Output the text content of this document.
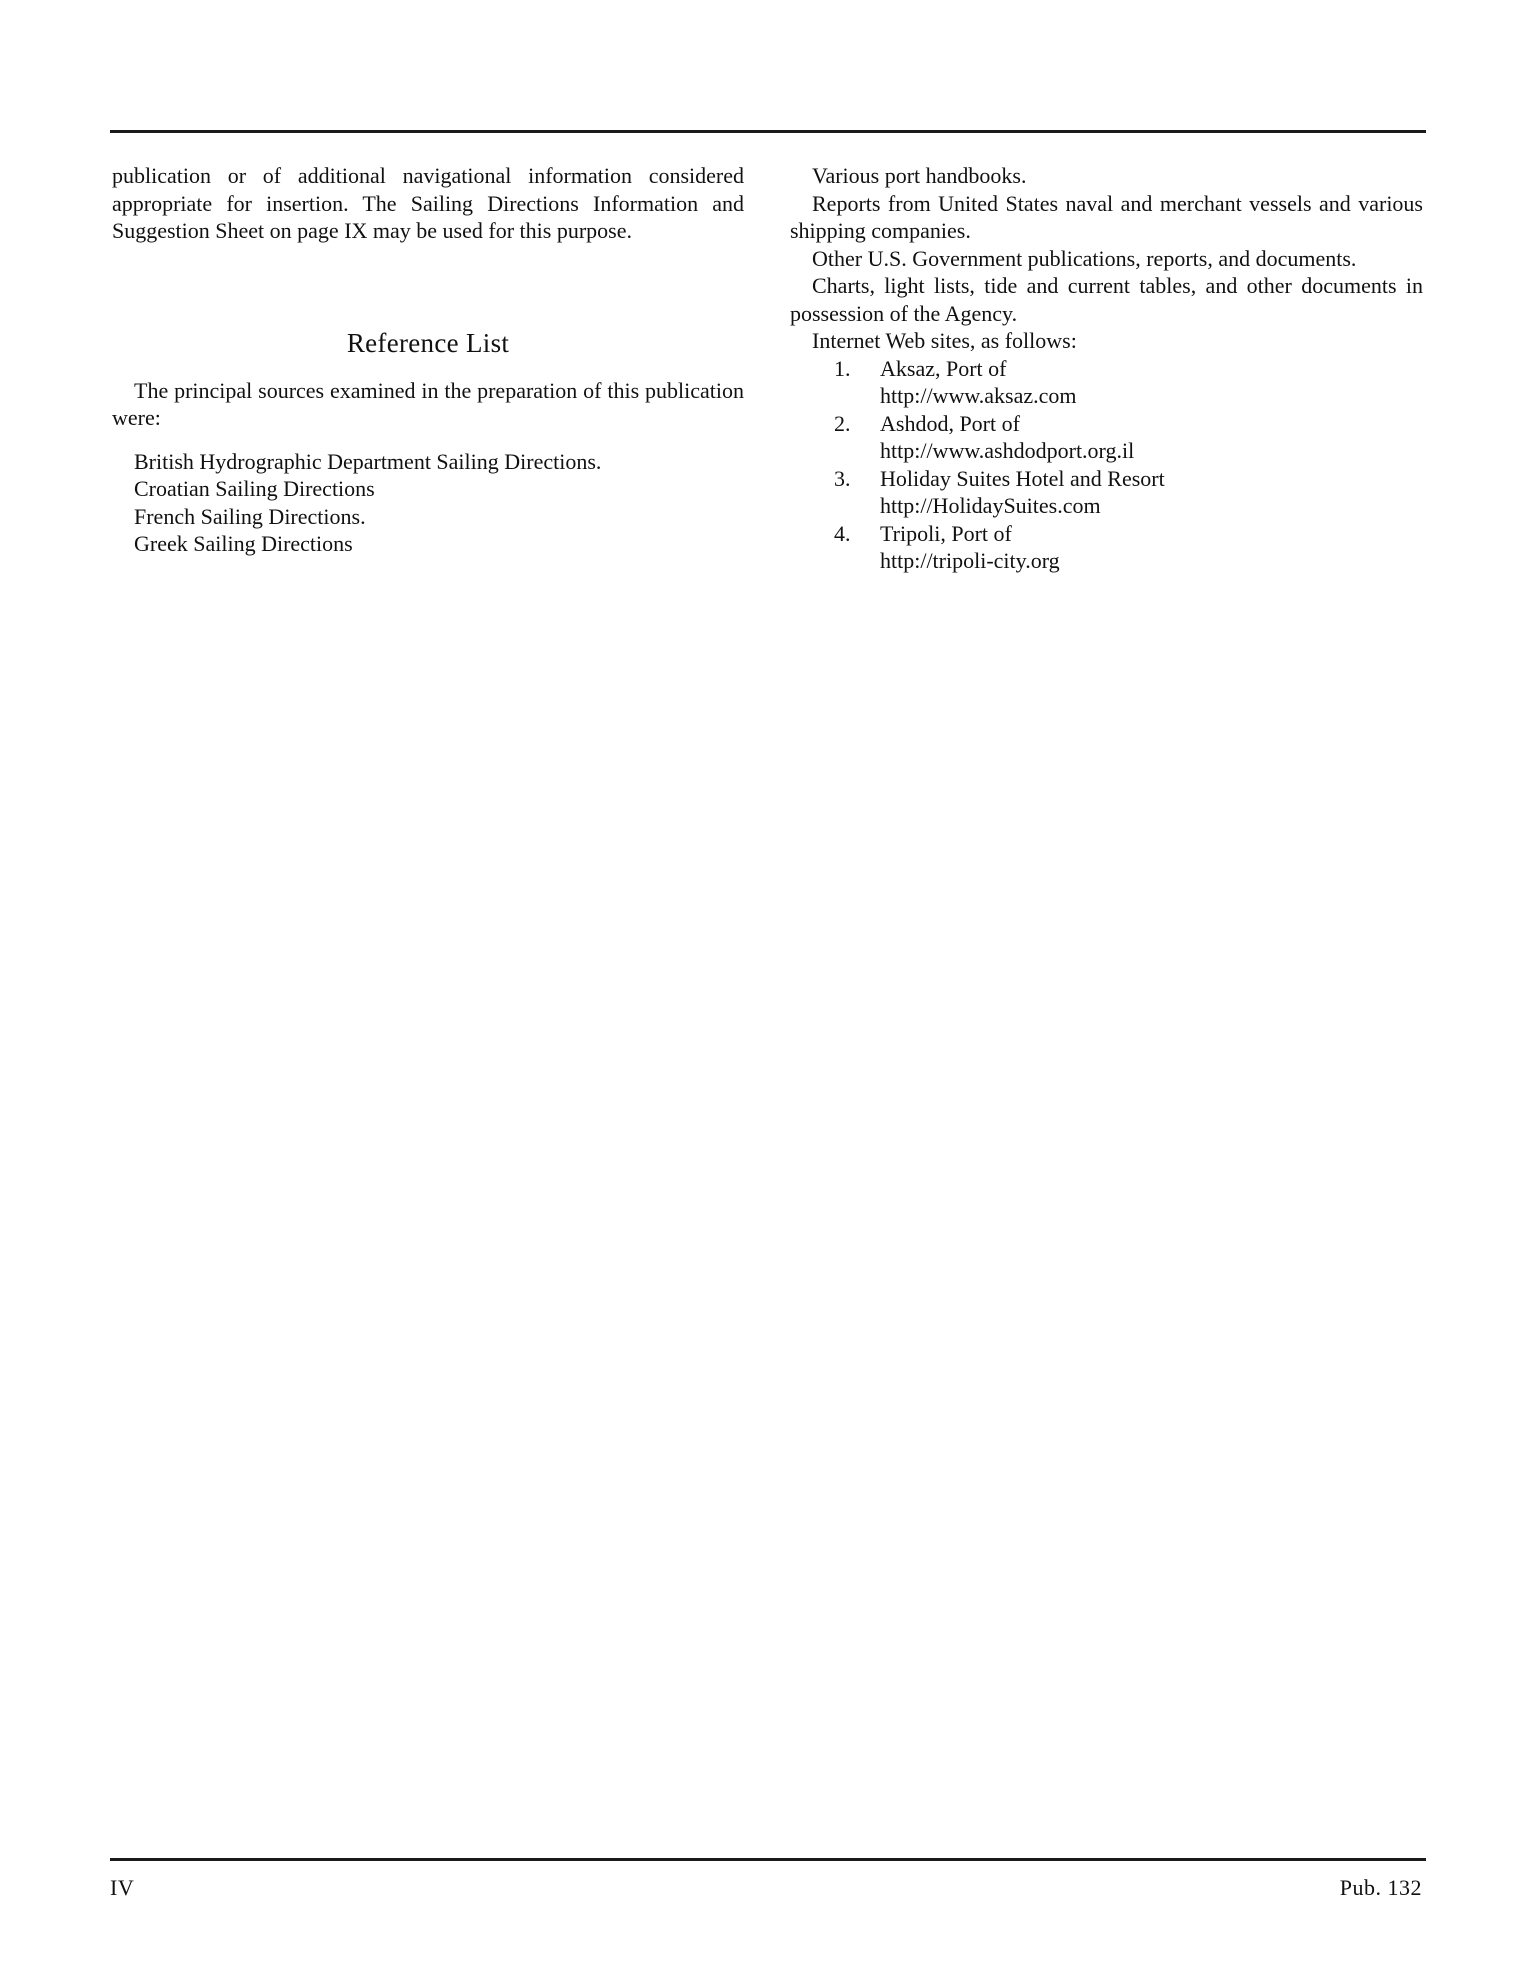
publication or of additional navigational information considered appropriate for insertion. The Sailing Directions Information and Suggestion Sheet on page IX may be used for this purpose.

Reference List

The principal sources examined in the preparation of this publication were:

British Hydrographic Department Sailing Directions.
Croatian Sailing Directions
French Sailing Directions.
Greek Sailing Directions

Various port handbooks.

Reports from United States naval and merchant vessels and various shipping companies.

Other U.S. Government publications, reports, and documents.

Charts, light lists, tide and current tables, and other documents in possession of the Agency.

Internet Web sites, as follows:

1.	Aksaz, Port of
http://www.aksaz.com
2.	Ashdod, Port of
http://www.ashdodport.org.il
3.	Holiday Suites Hotel and Resort
http://HolidaySuites.com
4.	Tripoli, Port of
http://tripoli-city.org
IV	Pub. 132
